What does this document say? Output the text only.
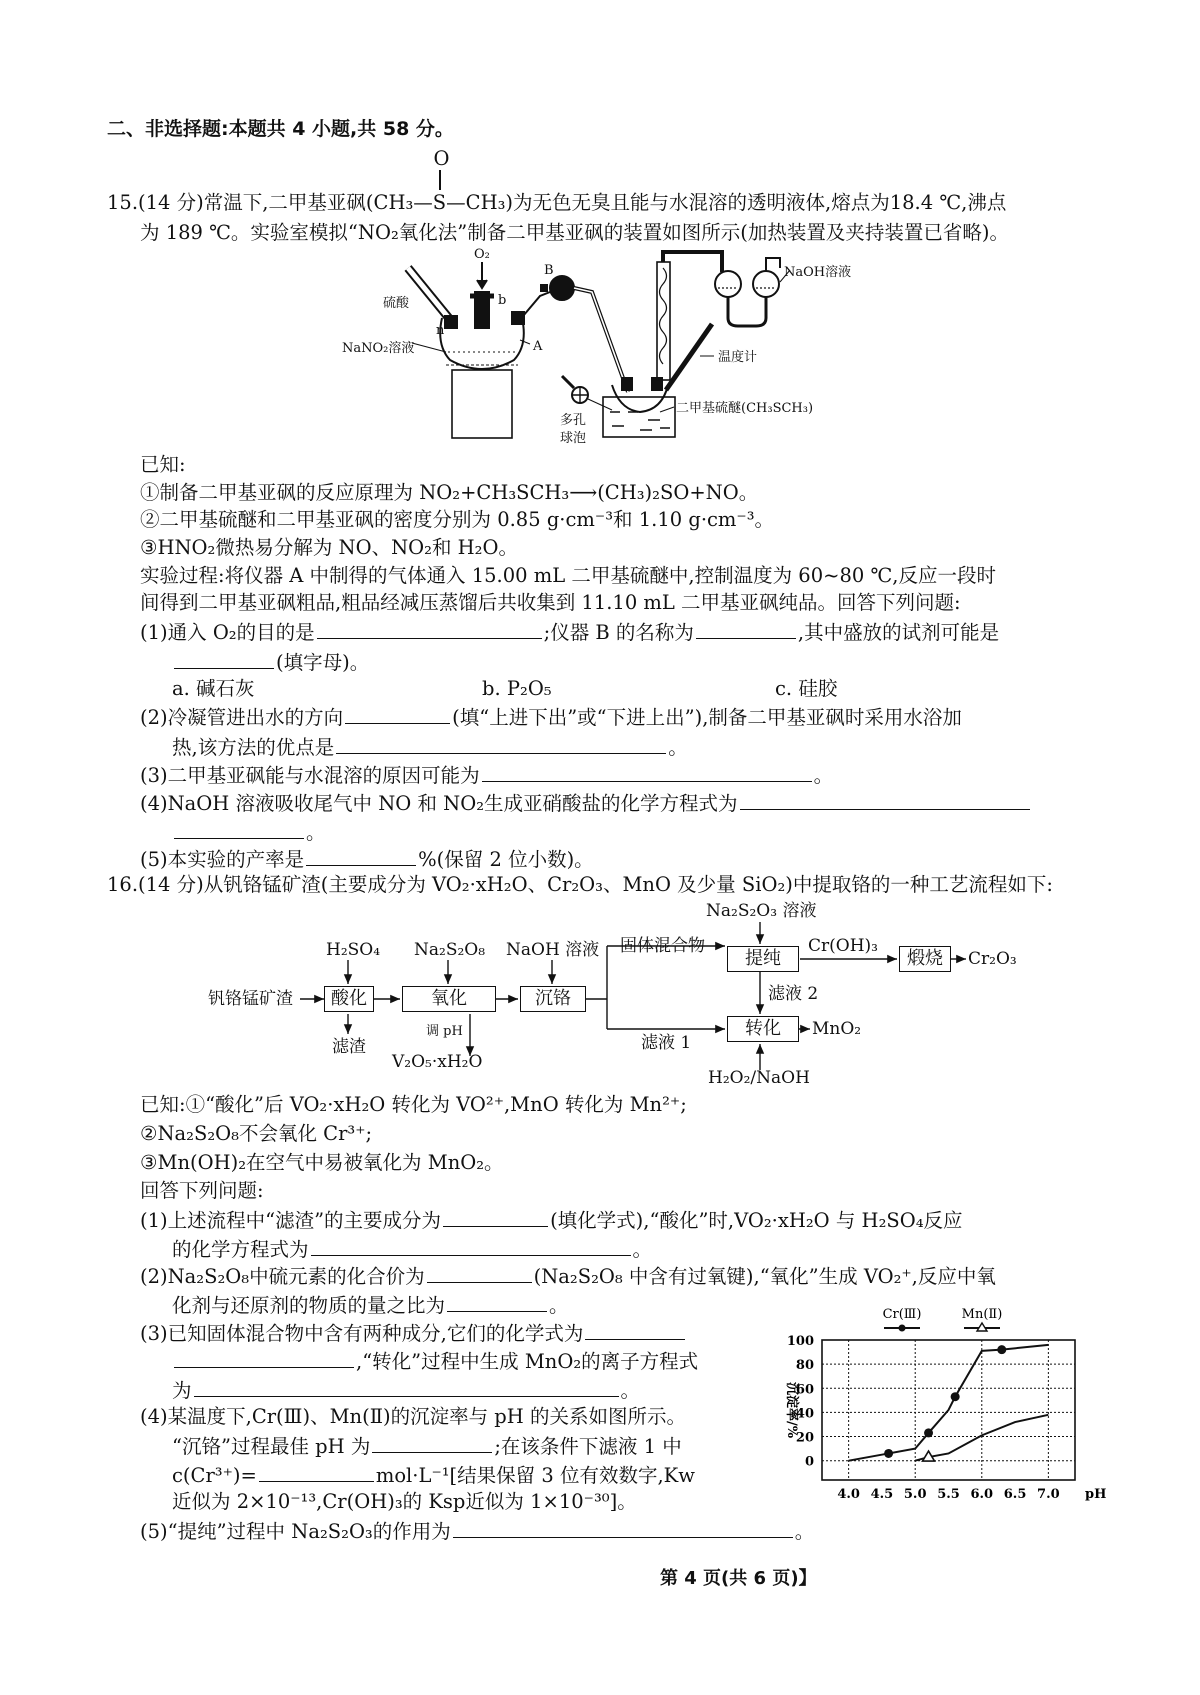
二、非选择题:本题共 4 小题,共 58 分。
15.(14 分)常温下,二甲基亚砜(CH₃—S—CH₃
O
)为无色无臭且能与水混溶的透明液体,熔点为18.4 ℃,沸点
为 189 ℃。实验室模拟“NO₂氧化法”制备二甲基亚砜的装置如图所示(加热装置及夹持装置已省略)。
O₂
b
B
硫酸
n
NaNO₂溶液	A
NaOH溶液
温度计
多孔
球泡
二甲基硫醚(CH₃SCH₃)
已知:
①制备二甲基亚砜的反应原理为 NO₂+CH₃SCH₃⟶(CH₃)₂SO+NO。
②二甲基硫醚和二甲基亚砜的密度分别为 0.85 g·cm⁻³和 1.10 g·cm⁻³。
③HNO₂微热易分解为 NO、NO₂和 H₂O。
实验过程:将仪器 A 中制得的气体通入 15.00 mL 二甲基硫醚中,控制温度为 60~80 ℃,反应一段时
间得到二甲基亚砜粗品,粗品经减压蒸馏后共收集到 11.10 mL 二甲基亚砜纯品。回答下列问题:
(1)通入 O₂的目的是	;仪器 B 的名称为	,其中盛放的试剂可能是
(填字母)。
a. 碱石灰	b. P₂O₅	c. 硅胶
(2)冷凝管进出水的方向	(填“上进下出”或“下进上出”),制备二甲基亚砜时采用水浴加
热,该方法的优点是	。
(3)二甲基亚砜能与水混溶的原因可能为	。
(4)NaOH 溶液吸收尾气中 NO 和 NO₂生成亚硝酸盐的化学方程式为
。
(5)本实验的产率是	%(保留 2 位小数)。
16.(14 分)从钒铬锰矿渣(主要成分为 VO₂·xH₂O、Cr₂O₃、MnO 及少量 SiO₂)中提取铬的一种工艺流程如下:
酸化	氧化	沉铬
提纯	煅烧
转化
钒铬锰矿渣
H₂SO₄ Na₂S₂O₈ NaOH 溶液
Na₂S₂O₃ 溶液
固体混合物	Cr(OH)₃
Cr₂O₃
滤液 2
滤液 1
MnO₂
H₂O₂/NaOH
滤渣
调 pH
V₂O₅·xH₂O
已知:①“酸化”后 VO₂·xH₂O 转化为 VO²⁺,MnO 转化为 Mn²⁺;
②Na₂S₂O₈不会氧化 Cr³⁺;
③Mn(OH)₂在空气中易被氧化为 MnO₂。
回答下列问题:
(1)上述流程中“滤渣”的主要成分为	(填化学式),“酸化”时,VO₂·xH₂O 与 H₂SO₄反应
的化学方程式为	。
(2)Na₂S₂O₈中硫元素的化合价为	(Na₂S₂O₈ 中含有过氧键),“氧化”生成 VO₂⁺,反应中氧
化剂与还原剂的物质的量之比为	。
(3)已知固体混合物中含有两种成分,它们的化学式为
,“转化”过程中生成 MnO₂的离子方程式
为	。
(4)某温度下,Cr(Ⅲ)、Mn(Ⅱ)的沉淀率与 pH 的关系如图所示。
“沉铬”过程最佳 pH 为	;在该条件下滤液 1 中
c(Cr³⁺)=	mol·L⁻¹[结果保留 3 位有效数字,Kw
近似为 2×10⁻¹³,Cr(OH)₃的 Ksp近似为 1×10⁻³⁰]。
(5)“提纯”过程中 Na₂S₂O₃的作用为	。
0
20
40
60
80
100
4.0 4.5 5.0 5.5 6.0 6.5 7.0 pH
沉淀率/%
Cr(Ⅲ)	Mn(Ⅱ)
第 4 页(共 6 页)】
